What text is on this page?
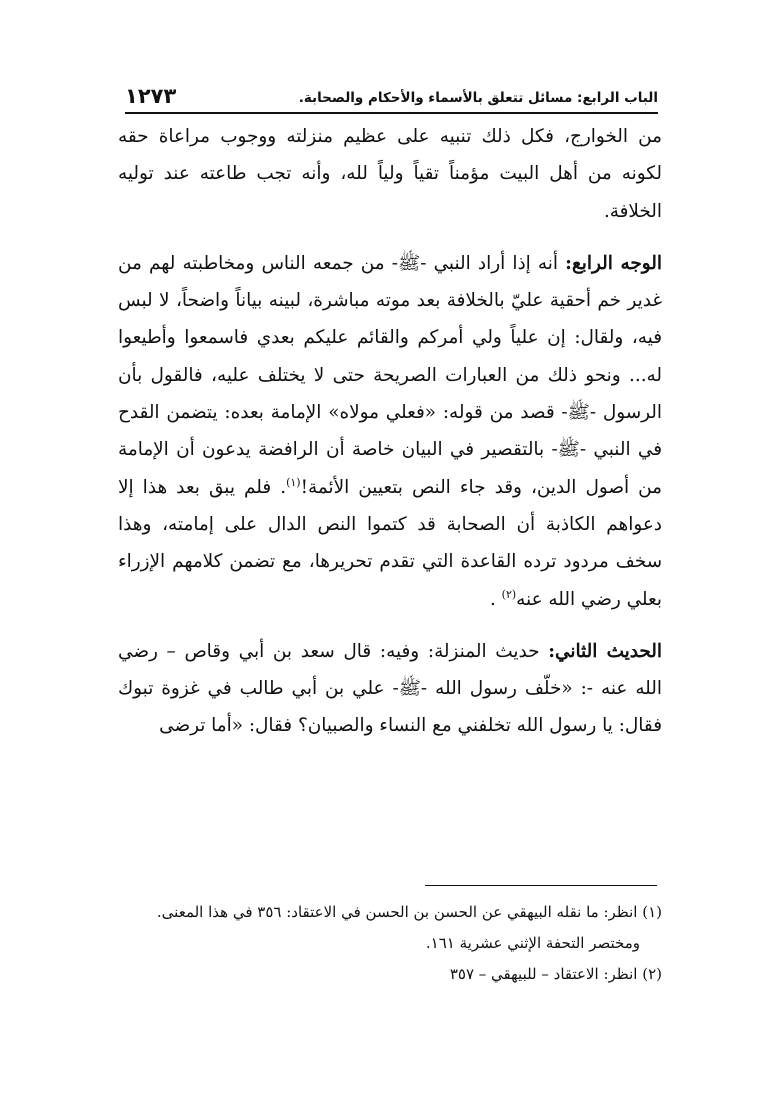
الباب الرابع: مسائل تتعلق بالأسماء والأحكام والصحابة.
١٢٧٣

من الخوارج، فكل ذلك تنبيه على عظيم منزلته ووجوب مراعاة حقه لكونه من أهل البيت مؤمناً تقياً ولياً لله، وأنه تجب طاعته عند توليه الخلافة.

الوجه الرابع: أنه إذا أراد النبي -ﷺ- من جمعه الناس ومخاطبته لهم من غدير خم أحقية عليّ بالخلافة بعد موته مباشرة، لبينه بياناً واضحاً، لا لبس فيه، ولقال: إن علياً ولي أمركم والقائم عليكم بعدي فاسمعوا وأطيعوا له... ونحو ذلك من العبارات الصريحة حتى لا يختلف عليه، فالقول بأن الرسول -ﷺ- قصد من قوله: «فعلي مولاه» الإمامة بعده: يتضمن القدح في النبي -ﷺ- بالتقصير في البيان خاصة أن الرافضة يدعون أن الإمامة من أصول الدين، وقد جاء النص بتعيين الأئمة!$^{(١)}$. فلم يبق بعد هذا إلا دعواهم الكاذبة أن الصحابة قد كتموا النص الدال على إمامته، وهذا سخف مردود ترده القاعدة التي تقدم تحريرها، مع تضمن كلامهم الإزراء بعلي رضي الله عنه$^{(٢)}$ .

الحديث الثاني: حديث المنزلة: وفيه: قال سعد بن أبي وقاص – رضي الله عنه -: «خلّف رسول الله -ﷺ- علي بن أبي طالب في غزوة تبوك فقال: يا رسول الله تخلفني مع النساء والصبيان؟ فقال: «أما ترضى

(١) انظر: ما نقله البيهقي عن الحسن بن الحسن في الاعتقاد: ٣٥٦ في هذا المعنى.

ومختصر التحفة الإثني عشرية ١٦١.

(٢) انظر: الاعتقاد – للبيهقي – ٣٥٧
